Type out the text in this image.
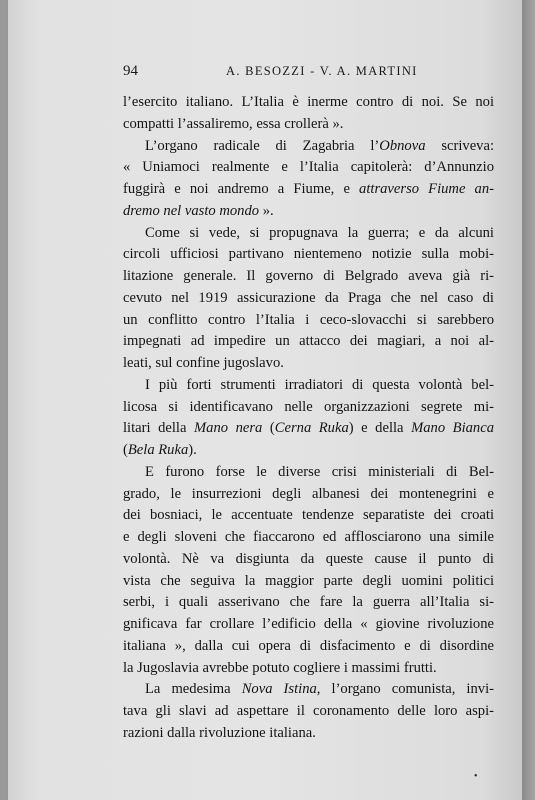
94	A. BESOZZI - V. A. MARTINI
l’esercito italiano. L’Italia è inerme contro di noi. Se noi
compatti l’assaliremo, essa crollerà ».
L’organo radicale di Zagabria l’Obnova scriveva:
« Uniamoci realmente e l’Italia capitolerà: d’Annunzio
fuggirà e noi andremo a Fiume, e attraverso Fiume an-
dremo nel vasto mondo ».
Come si vede, si propugnava la guerra; e da alcuni
circoli ufficiosi partivano nientemeno notizie sulla mobi-
litazione generale. Il governo di Belgrado aveva già ri-
cevuto nel 1919 assicurazione da Praga che nel caso di
un conflitto contro l’Italia i ceco-slovacchi si sarebbero
impegnati ad impedire un attacco dei magiari, a noi al-
leati, sul confine jugoslavo.
I più forti strumenti irradiatori di questa volontà bel-
licosa si identificavano nelle organizzazioni segrete mi-
litari della Mano nera (Cerna Ruka) e della Mano Bianca
(Bela Ruka).
E furono forse le diverse crisi ministeriali di Bel-
grado, le insurrezioni degli albanesi dei montenegrini e
dei bosniaci, le accentuate tendenze separatiste dei croati
e degli sloveni che fiaccarono ed afflosciarono una simile
volontà. Nè va disgiunta da queste cause il punto di
vista che seguiva la maggior parte degli uomini politici
serbi, i quali asserivano che fare la guerra all’Italia si-
gnificava far crollare l’edificio della « giovine rivoluzione
italiana », dalla cui opera di disfacimento e di disordine
la Jugoslavia avrebbe potuto cogliere i massimi frutti.
La medesima Nova Istina, l’organo comunista, invi-
tava gli slavi ad aspettare il coronamento delle loro aspi-
razioni dalla rivoluzione italiana.
•
